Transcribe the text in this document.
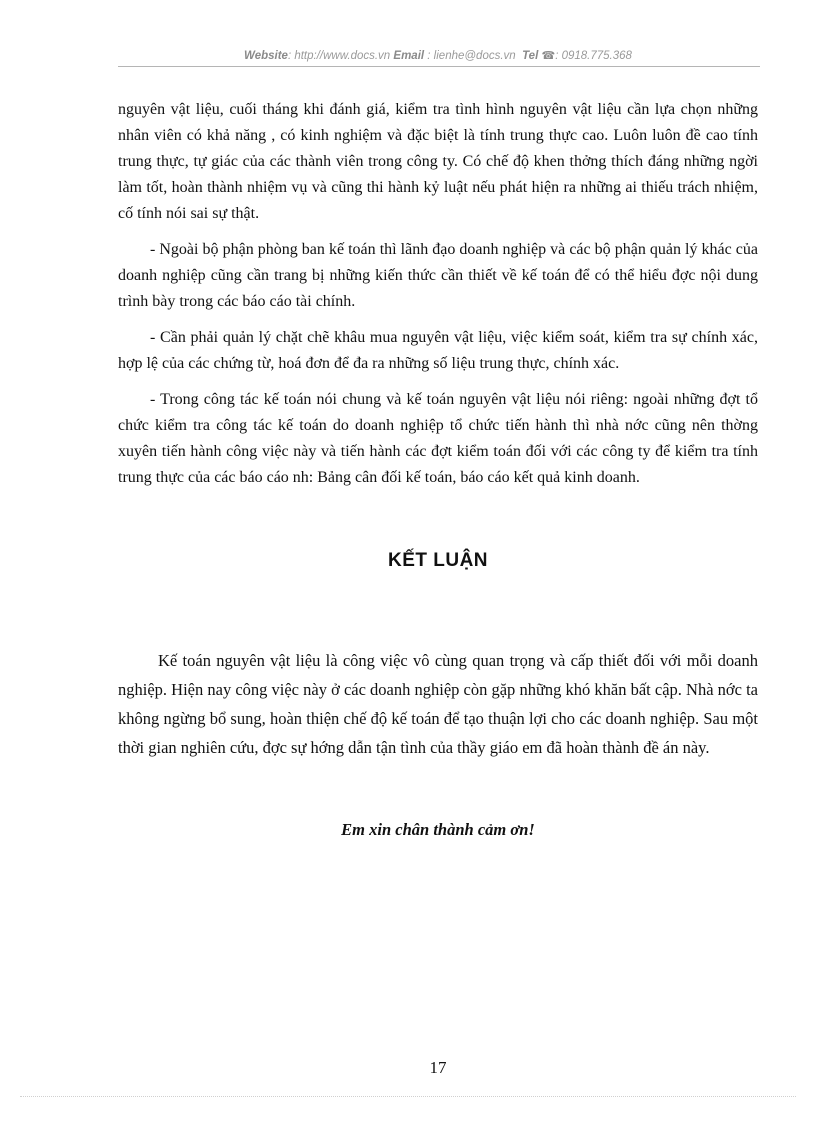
Website: http://www.docs.vn Email : lienhe@docs.vn Tel ☎: 0918.775.368

nguyên vật liệu, cuối tháng khi đánh giá, kiểm tra tình hình nguyên vật liệu cần lựa chọn những nhân viên có khả năng , có kinh nghiệm và đặc biệt là tính trung thực cao. Luôn luôn đề cao tính trung thực, tự giác của các thành viên trong công ty. Có chế độ khen thởng thích đáng những ngời làm tốt, hoàn thành nhiệm vụ và cũng thi hành kỷ luật nếu phát hiện ra những ai thiếu trách nhiệm, cố tính nói sai sự thật.

- Ngoài bộ phận phòng ban kế toán thì lãnh đạo doanh nghiệp và các bộ phận quản lý khác của doanh nghiệp cũng cần trang bị những kiến thức cần thiết về kế toán để có thể hiểu đợc nội dung trình bày trong các báo cáo tài chính.

- Cần phải quản lý chặt chẽ khâu mua nguyên vật liệu, việc kiểm soát, kiểm tra sự chính xác, hợp lệ của các chứng từ, hoá đơn để đa ra những số liệu trung thực, chính xác.

- Trong công tác kế toán nói chung và kế toán nguyên vật liệu nói riêng: ngoài những đợt tổ chức kiểm tra công tác kế toán do doanh nghiệp tổ chức tiến hành thì nhà nớc cũng nên thờng xuyên tiến hành công việc này và tiến hành các đợt kiểm toán đối với các công ty để kiểm tra tính trung thực của các báo cáo nh: Bảng cân đối kế toán, báo cáo kết quả kinh doanh.

KẾT LUẬN

Kế toán nguyên vật liệu là công việc vô cùng quan trọng và cấp thiết đối với mỗi doanh nghiệp. Hiện nay công việc này ở các doanh nghiệp còn gặp những khó khăn bất cập. Nhà nớc ta không ngừng bổ sung, hoàn thiện chế độ kế toán để tạo thuận lợi cho các doanh nghiệp. Sau một thời gian nghiên cứu, đợc sự hớng dẫn tận tình của thầy giáo em đã hoàn thành đề án này.

Em xin chân thành cảm ơn!
17
